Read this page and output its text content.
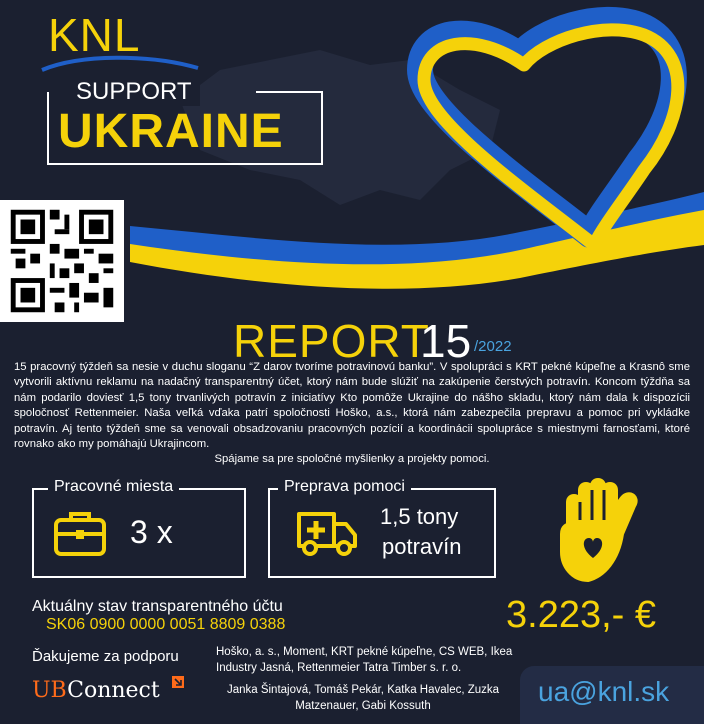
KNL
SUPPORT
UKRAINE
REPORT
15 /2022
15 pracovný týždeň sa nesie v duchu sloganu “Z darov tvoríme potravinovú banku”. V spolupráci s KRT pekné kúpeľne a Krasnô sme vytvorili aktívnu reklamu na nadačný transparentný účet, ktorý nám bude slúžiť na zakúpenie čerstvých potravín. Koncom týždňa sa nám podarilo doviesť 1,5 tony trvanlivých potravín z iniciatívy Kto pomôže Ukrajine do nášho skladu, ktorý nám dala k dispozícii spoločnosť Rettenmeier. Naša veľká vďaka patrí spoločnosti Hoško, a.s., ktorá nám zabezpečila prepravu a pomoc pri vykládke potravín. Aj tento týždeň sme sa venovali obsadzovaniu pracovných pozícií a koordinácii spolupráce s miestnymi farnosťami, ktoré rovnako ako my pomáhajú Ukrajincom.
Spájame sa pre spoločné myšlienky a projekty pomoci.
Pracovné miesta
3 x
Preprava pomoci
1,5 tony
potravín
Aktuálny stav transparentného účtu
SK06 0900 0000 0051 8809 0388	3.223,- €
Ďakujeme za podporu	Hoško, a. s., Moment, KRT pekné kúpeľne, CS WEB, Ikea Industry Jasná, Rettenmeier Tatra Timber s. r. o.
Janka Šintajová, Tomáš Pekár, Katka Havalec, Zuzka Matzenauer, Gabi Kossuth
UBConnect	ua@knl.sk
